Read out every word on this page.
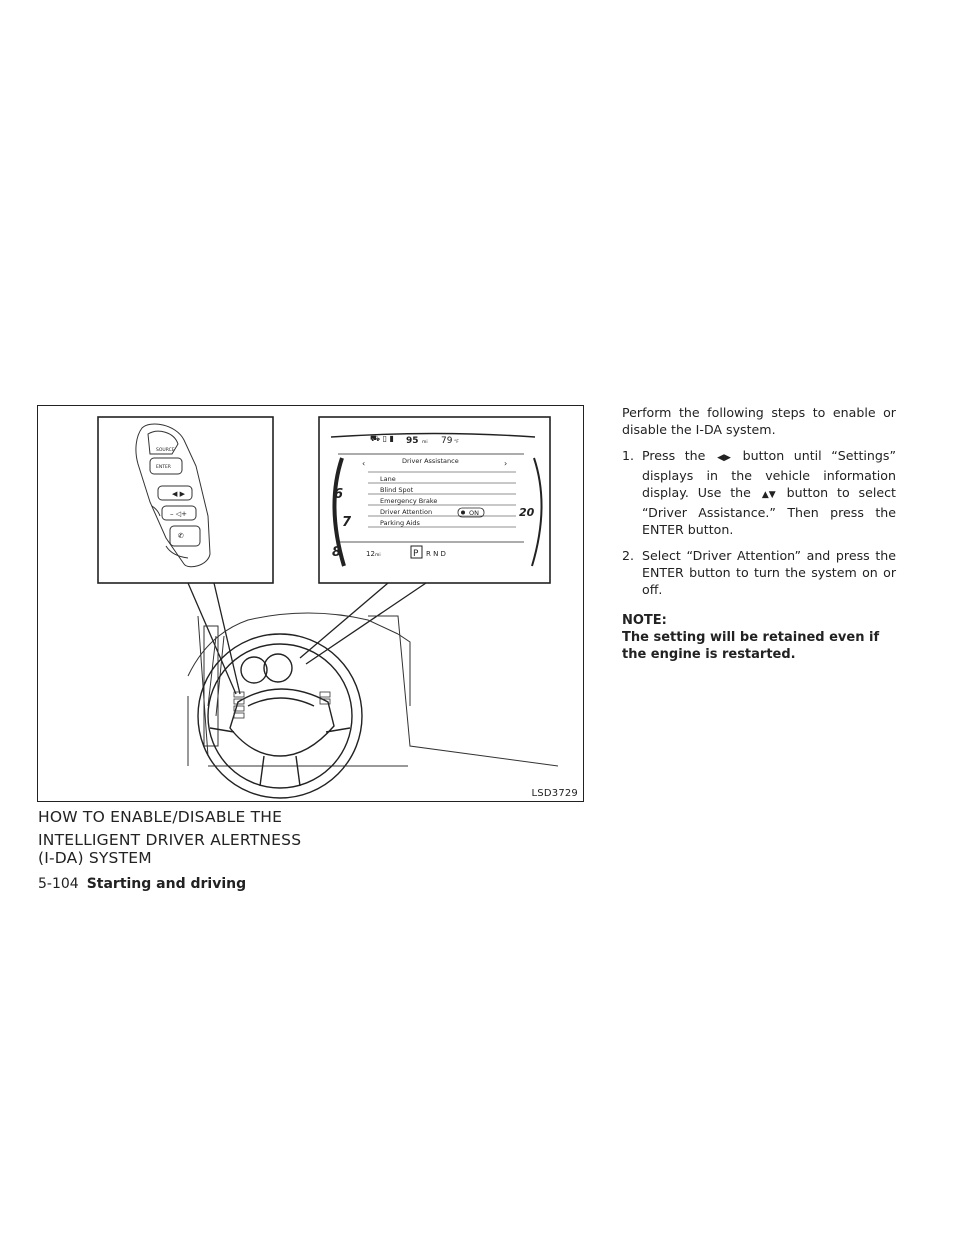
SOURCE
ENTER
◀ ▶
– ◁+
✆
⛟ ▯ ▮ 95 mi 79 °F
Driver Assistance
‹	›
Lane
Blind Spot
Emergency Brake
Driver Attention
Parking Aids
ON
6
7
8
20
12 mi	P R N D
LSD3729
HOW TO ENABLE/DISABLE THE
INTELLIGENT DRIVER ALERTNESS
(I-DA) SYSTEM
5-104 Starting and driving

Perform the following steps to enable or disable the I-DA system.

1. Press the ◀▶ button until “Settings” displays in the vehicle information display. Use the ▲▼ button to select “Driver Assistance.” Then press the ENTER button.
2. Select “Driver Attention” and press the ENTER button to turn the system on or off.
NOTE:
The setting will be retained even if the engine is restarted.
